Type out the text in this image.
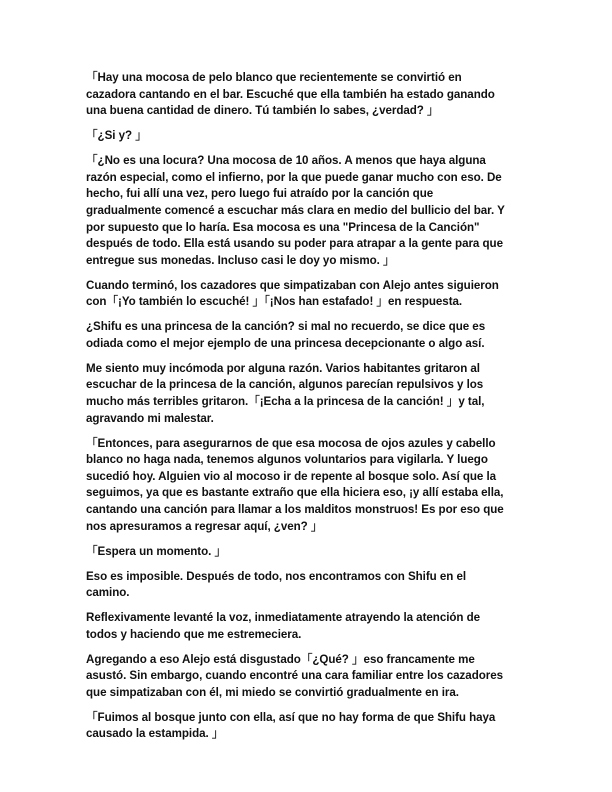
「Hay una mocosa de pelo blanco que recientemente se convirtió en
cazadora cantando en el bar. Escuché que ella también ha estado ganando
una buena cantidad de dinero. Tú también lo sabes, ¿verdad? 」

「¿Si y? 」

「¿No es una locura? Una mocosa de 10 años. A menos que haya alguna
razón especial, como el infierno, por la que puede ganar mucho con eso. De
hecho, fui allí una vez, pero luego fui atraído por la canción que
gradualmente comencé a escuchar más clara en medio del bullicio del bar. Y
por supuesto que lo haría. Esa mocosa es una "Princesa de la Canción"
después de todo. Ella está usando su poder para atrapar a la gente para que
entregue sus monedas. Incluso casi le doy yo mismo. 」

Cuando terminó, los cazadores que simpatizaban con Alejo antes siguieron
con「¡Yo también lo escuché! 」「¡Nos han estafado! 」en respuesta.

¿Shifu es una princesa de la canción? si mal no recuerdo, se dice que es
odiada como el mejor ejemplo de una princesa decepcionante o algo así.

Me siento muy incómoda por alguna razón. Varios habitantes gritaron al
escuchar de la princesa de la canción, algunos parecían repulsivos y los
mucho más terribles gritaron.「¡Echa a la princesa de la canción! 」y tal,
agravando mi malestar.

「Entonces, para asegurarnos de que esa mocosa de ojos azules y cabello
blanco no haga nada, tenemos algunos voluntarios para vigilarla. Y luego
sucedió hoy. Alguien vio al mocoso ir de repente al bosque solo. Así que la
seguimos, ya que es bastante extraño que ella hiciera eso, ¡y allí estaba ella,
cantando una canción para llamar a los malditos monstruos! Es por eso que
nos apresuramos a regresar aquí, ¿ven? 」

「Espera un momento. 」

Eso es imposible. Después de todo, nos encontramos con Shifu en el
camino.

Reflexivamente levanté la voz, inmediatamente atrayendo la atención de
todos y haciendo que me estremeciera.

Agregando a eso Alejo está disgustado「¿Qué? 」eso francamente me
asustó. Sin embargo, cuando encontré una cara familiar entre los cazadores
que simpatizaban con él, mi miedo se convirtió gradualmente en ira.

「Fuimos al bosque junto con ella, así que no hay forma de que Shifu haya
causado la estampida. 」
